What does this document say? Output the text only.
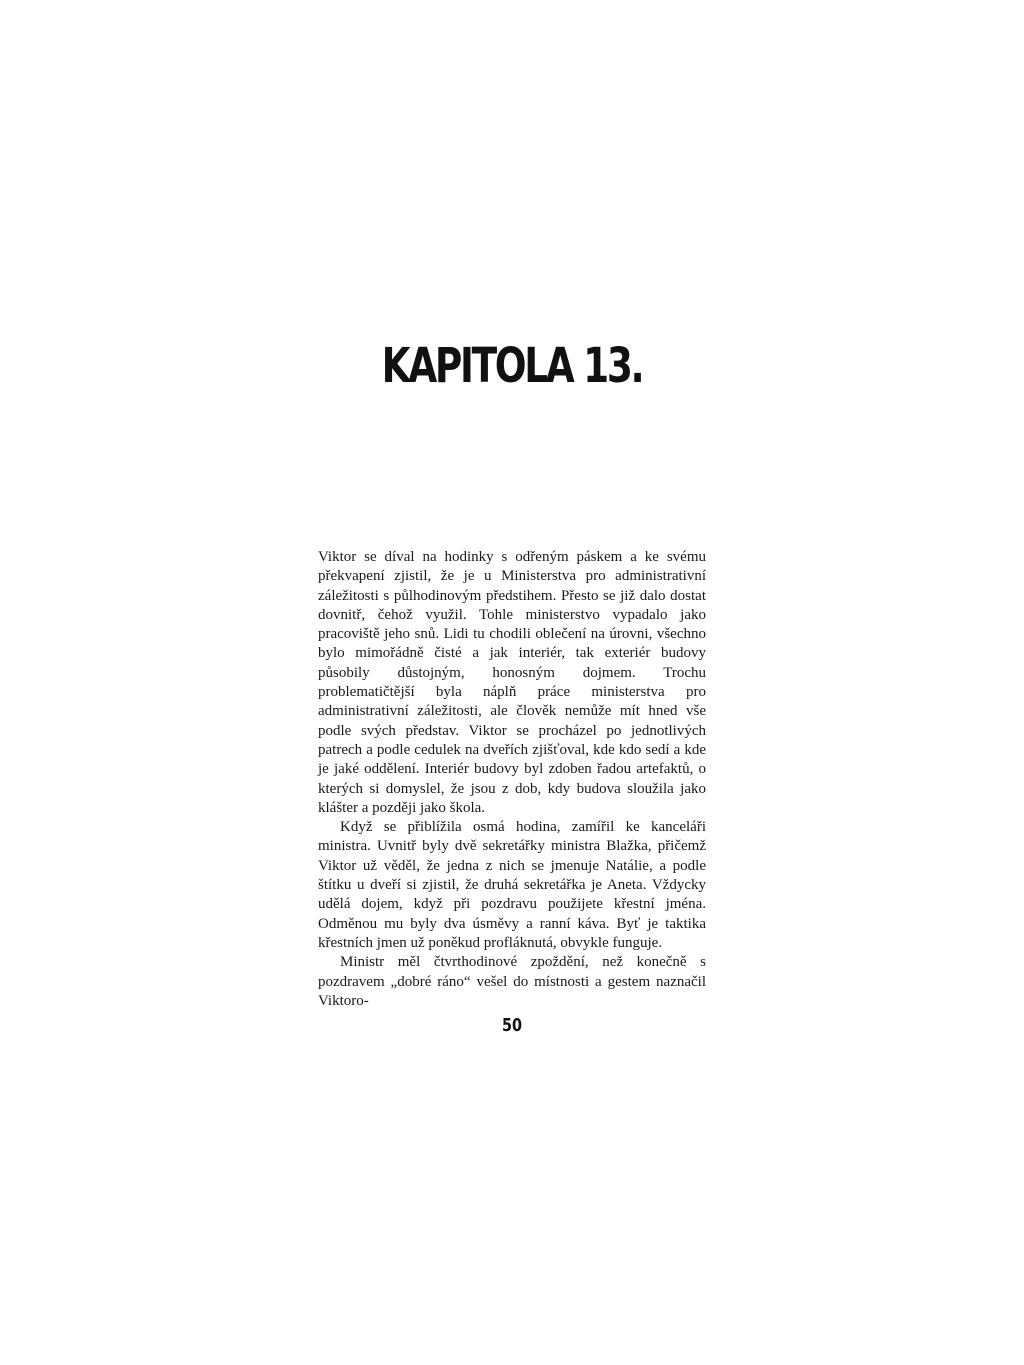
KAPITOLA 13.

Viktor se díval na hodinky s odřeným páskem a ke svému překvapení zjistil, že je u Ministerstva pro administrativní záležitosti s půlhodinovým předstihem. Přesto se již dalo dostat dovnitř, čehož využil. Tohle ministerstvo vypadalo jako pracoviště jeho snů. Lidi tu chodili oblečení na úrovni, všechno bylo mimořádně čisté a jak interiér, tak exteriér budovy působily důstojným, honosným dojmem. Trochu problematičtější byla náplň práce ministerstva pro administrativní záležitosti, ale člověk nemůže mít hned vše podle svých představ. Viktor se procházel po jednotlivých patrech a podle cedulek na dveřích zjišťoval, kde kdo sedí a kde je jaké oddělení. Interiér budovy byl zdoben řadou artefaktů, o kterých si domyslel, že jsou z dob, kdy budova sloužila jako klášter a později jako škola.

Když se přiblížila osmá hodina, zamířil ke kanceláři ministra. Uvnitř byly dvě sekretářky ministra Blažka, přičemž Viktor už věděl, že jedna z nich se jmenuje Natálie, a podle štítku u dveří si zjistil, že druhá sekretářka je Aneta. Vždycky udělá dojem, když při pozdravu použijete křestní jména. Odměnou mu byly dva úsměvy a ranní káva. Byť je taktika křestních jmen už poněkud profláknutá, obvykle funguje.

Ministr měl čtvrthodinové zpoždění, než konečně s pozdravem „dobré ráno“ vešel do místnosti a gestem naznačil Viktoro-

50
